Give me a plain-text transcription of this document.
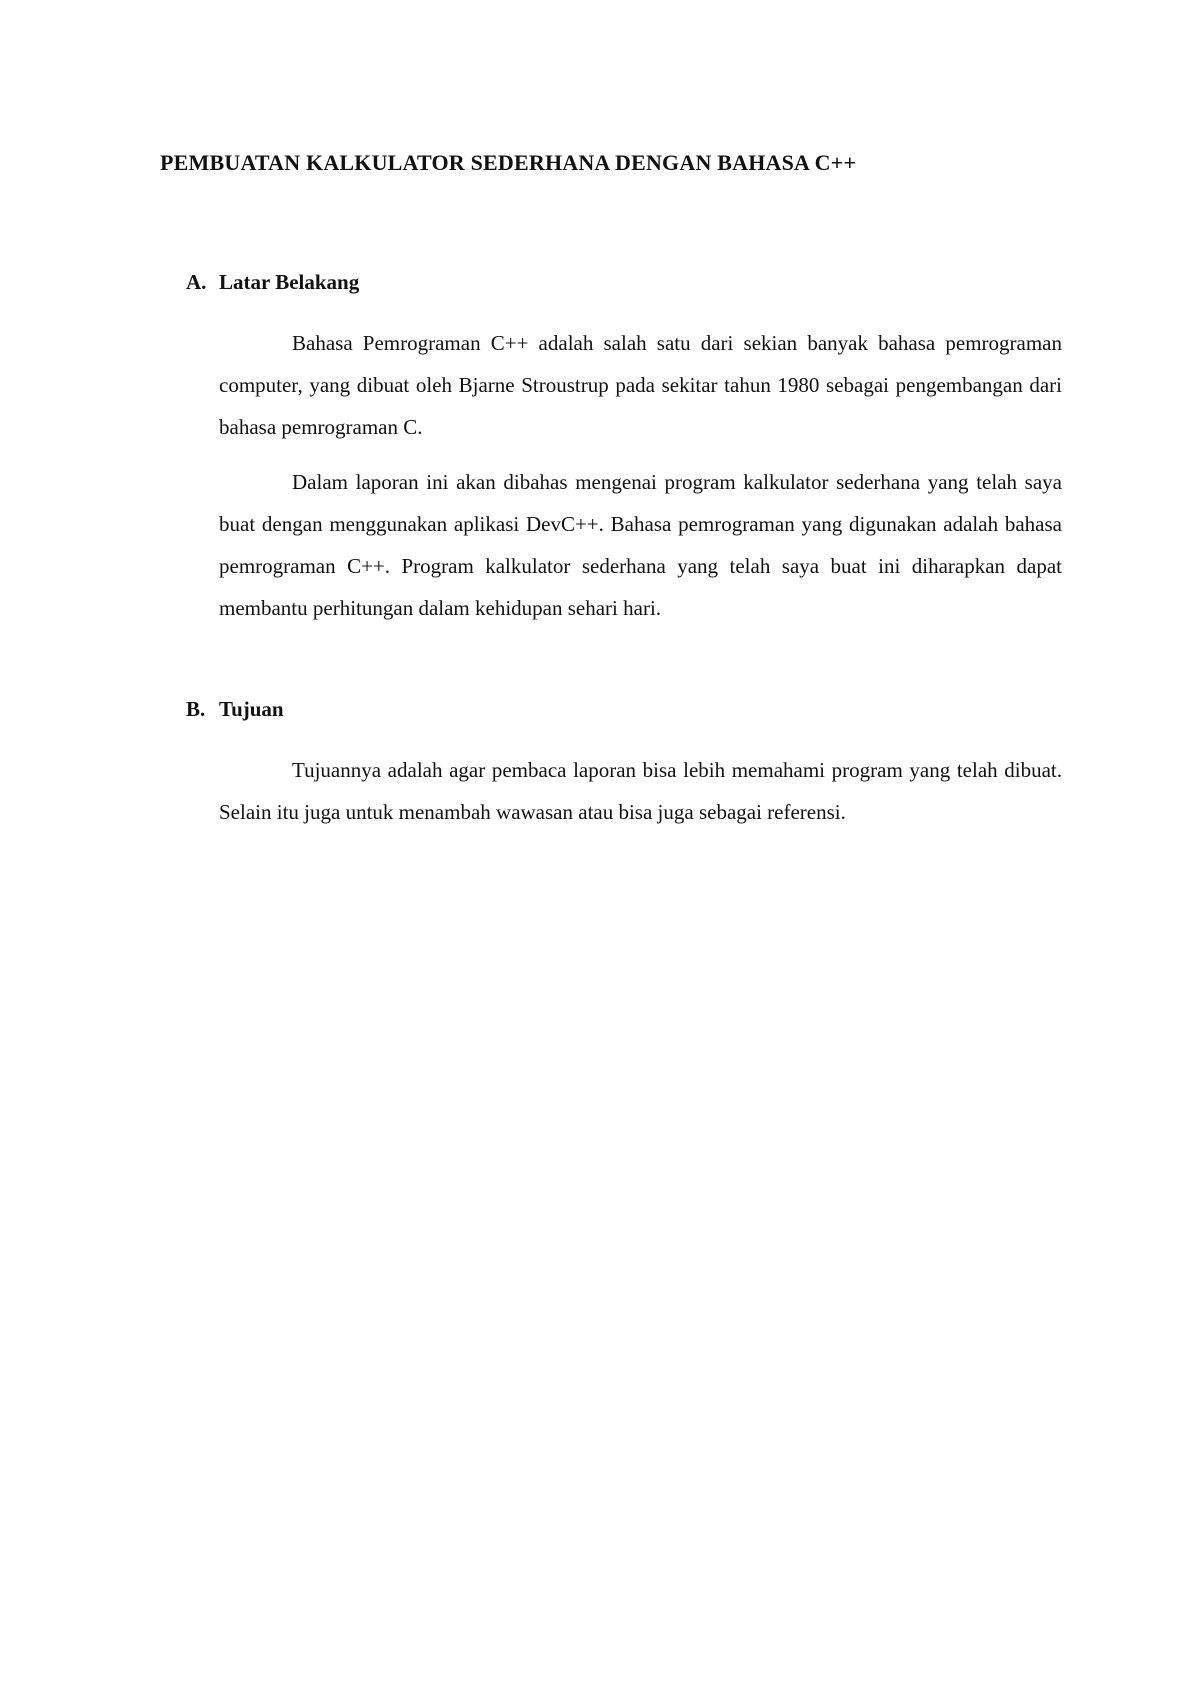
PEMBUATAN KALKULATOR SEDERHANA DENGAN BAHASA C++
A. Latar Belakang

Bahasa Pemrograman C++ adalah salah satu dari sekian banyak bahasa pemrograman computer, yang dibuat oleh Bjarne Stroustrup pada sekitar tahun 1980 sebagai pengembangan dari bahasa pemrograman C.

Dalam laporan ini akan dibahas mengenai program kalkulator sederhana yang telah saya buat dengan menggunakan aplikasi DevC++. Bahasa pemrograman yang digunakan adalah bahasa pemrograman C++. Program kalkulator sederhana yang telah saya buat ini diharapkan dapat membantu perhitungan dalam kehidupan sehari hari.

B. Tujuan

Tujuannya adalah agar pembaca laporan bisa lebih memahami program yang telah dibuat. Selain itu juga untuk menambah wawasan atau bisa juga sebagai referensi.
